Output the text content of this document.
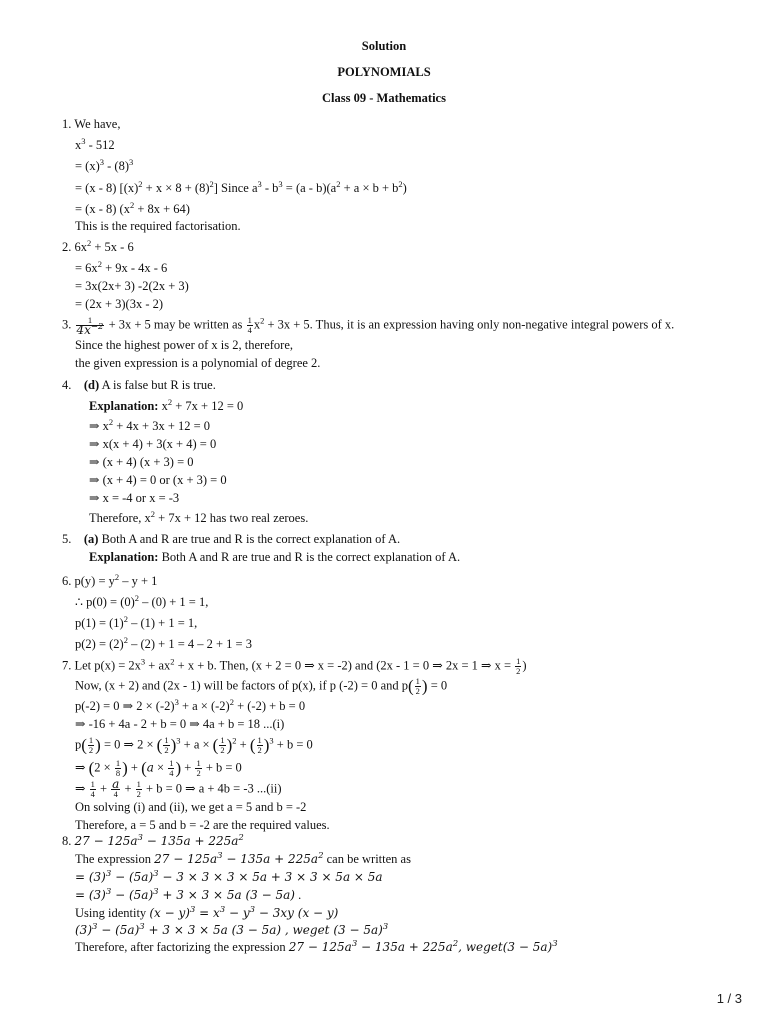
Solution
POLYNOMIALS
Class 09 - Mathematics
1. We have,
$x^3 - 512$
= $(x)^3 - (8)^3$
= (x - 8) $[(x)^2 + x \times 8 + (8)^2]$ Since $a^3 - b^3 = (a - b)(a^2 + a \times b + b^2)$
= (x - 8) $(x^2 + 8x + 64)$
This is the required factorisation.
2. $6x^2 + 5x - 6$
= $6x^2 + 9x - 4x - 6$
= 3x(2x+ 3) -2(2x + 3)
= (2x + 3)(3x - 2)
3.	1
$4x^{-2} + 3x + 5$ may be written as $\frac{1}{4} x^2 + 3x + 5$. Thus, it is an expression having only non-negative integral powers of x.
Since the highest power of x is 2, therefore,
the given expression is a polynomial of degree 2.
4. (d) A is false but R is true.
Explanation: $x^2 + 7x + 12 = 0$
⇒ $x^2 + 4x + 3x + 12 = 0$
⇒ x(x + 4) + 3(x + 4) = 0
⇒ (x + 4) (x + 3) = 0
⇒ (x + 4) = 0 or (x + 3) = 0
⇒ x = -4 or x = -3
Therefore, $x^2 + 7x + 12$ has two real zeroes.
5. (a) Both A and R are true and R is the correct explanation of A.
Explanation: Both A and R are true and R is the correct explanation of A.
6. $p(y) = y^2 - y + 1$
∴ $p(0) = (0)^2 - (0) + 1 = 1$,
$p(1) = (1)^2 - (1) + 1 = 1$,
$p(2) = (2)^2 - (2) + 1 = 4 - 2 + 1 = 3$
7. Let $p(x) = 2x^3 + ax^2 + x + b$. Then, (x + 2 = 0 ⇒ x = -2) and (2x - 1 = 0 ⇒ 2x = 1 ⇒ $x = \frac{1}{2}$ )
Now, (x + 2) and (2x - 1) will be factors of p(x), if p (-2) = 0 and $p( \frac{1}{2}$ ) = 0
p(-2) = 0 ⇒ $2 \times (-2)^3 + a \times (-2)^2 + (-2) + b = 0$
⇒ -16 + 4a - 2 + b = 0 ⇒ 4a + b = 18 ...(i)
$p( \frac{1}{2}$ ) = 0 ⇒ 2 × ( $\frac{1}{2} )^3 + a$ × ( $\frac{1}{2} )^2$ + ( $\frac{1}{2} )^3 + b = 0$
⇒ ($2 \times \frac{1}{8}$ ) + ($a \times \frac{1}{4}$ ) + $\frac{1}{2} + b = 0$
⇒ $\frac{1}{4} + a$
$4 + \frac{1}{2} + b = 0$ ⇒ a + 4b = -3 ...(ii)
On solving (i) and (ii), we get a = 5 and b = -2
Therefore, a = 5 and b = -2 are the required values.
8. $27 - 125a^3 - 135a + 225a^2$
The expression $27 - 125a^3 - 135a + 225a^2$ can be written as
= $(3)^3 - (5a)^3 - 3 \times 3 \times 3 \times 5a + 3 \times 3 \times 5a \times 5a$
= $(3)^3 - (5a)^3 + 3 \times 3 \times 5a$ (3 − 5a) .
Using identity $(x - y)^3 = x^3 - y^3 - 3xy$ (x − y)
$(3)^3 - (5a)^3 + 3 \times 3 \times 5a$ (3 − 5a) , weget $(3 - 5a)^3$
Therefore, after factorizing the expression $27 - 125a^3 - 135a + 225a^2$, weget(3 − 5a)$^3$
1 / 3
